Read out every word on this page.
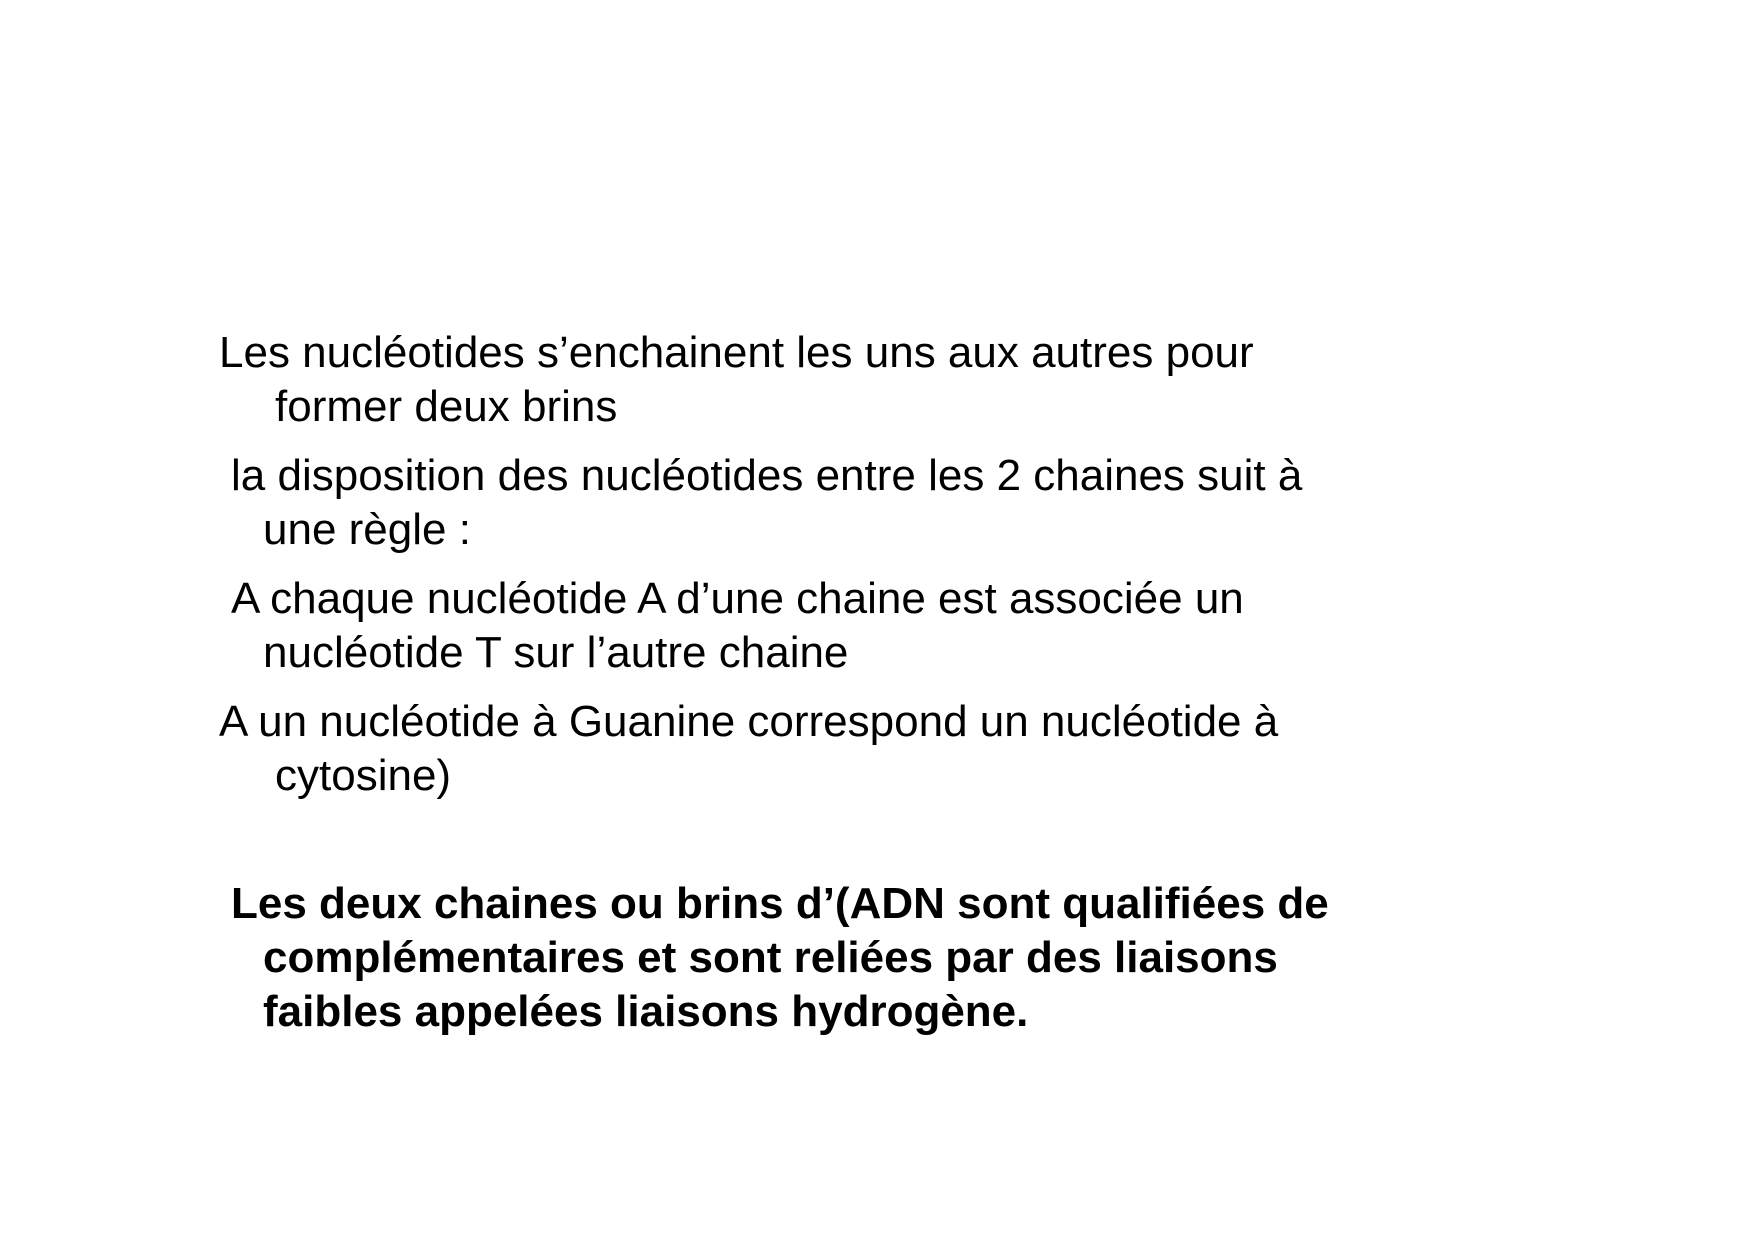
Les nucléotides s’enchainent les uns aux autres pour
former deux brins

la disposition des nucléotides entre les 2 chaines suit à
une règle :

A chaque nucléotide A d’une chaine est associée un
nucléotide T sur l’autre chaine

A un nucléotide à Guanine correspond un nucléotide à
cytosine)

Les deux chaines ou brins d’(ADN sont qualifiées de
complémentaires et sont reliées par des liaisons
faibles appelées liaisons hydrogène.
